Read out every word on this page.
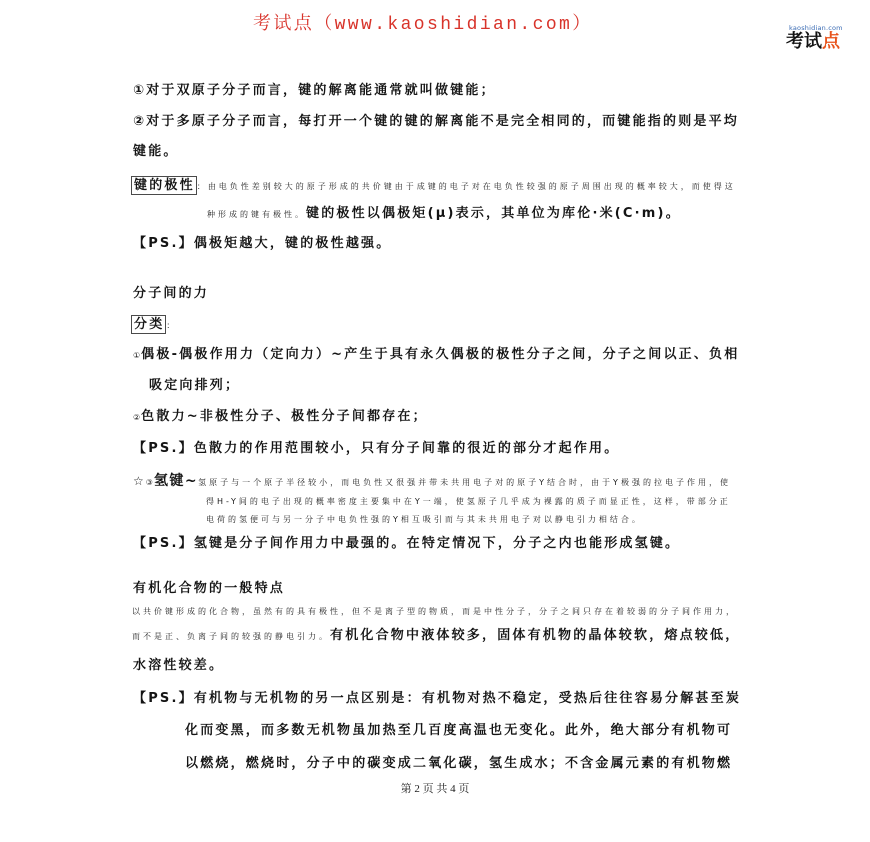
考试点（www.kaoshidian.com）	kaoshidian.com
考试点
①对于双原子分子而言，键的解离能通常就叫做键能；
②对于多原子分子而言，每打开一个键的键的解离能不是完全相同的，而键能指的则是平均
键能。
键的极性 ：由电负性差别较大的原子形成的共价键由于成键的电子对在电负性较强的原子周围出现的概率较大，而使得这
种形成的键有极性。键的极性以偶极矩(μ)表示，其单位为库伦·米(C·m)。
【PS.】偶极矩越大，键的极性越强。
分子间的力
分类 ：
①偶极-偶极作用力（定向力）~产生于具有永久偶极的极性分子之间，分子之间以正、负相
吸定向排列；
②色散力~非极性分子、极性分子间都存在；
【PS.】色散力的作用范围较小，只有分子间靠的很近的部分才起作用。
☆③氢键~氢原子与一个原子半径较小，而电负性又很强并带未共用电子对的原子Y结合时，由于Y极强的拉电子作用，使
得H-Y间的电子出现的概率密度主要集中在Y一端，使氢原子几乎成为裸露的质子而显正性，这样，带部分正
电荷的氢便可与另一分子中电负性强的Y相互吸引而与其未共用电子对以静电引力相结合。
【PS.】氢键是分子间作用力中最强的。在特定情况下，分子之内也能形成氢键。
有机化合物的一般特点
以共价键形成的化合物，虽然有的具有极性，但不是离子型的物质，而是中性分子，分子之间只存在着较弱的分子间作用力，
而不是正、负离子间的较强的静电引力。有机化合物中液体较多，固体有机物的晶体较软，熔点较低，
水溶性较差。
【PS.】有机物与无机物的另一点区别是：有机物对热不稳定，受热后往往容易分解甚至炭
化而变黑，而多数无机物虽加热至几百度高温也无变化。此外，绝大部分有机物可
以燃烧，燃烧时，分子中的碳变成二氧化碳，氢生成水；不含金属元素的有机物燃
第 2 页 共 4 页
